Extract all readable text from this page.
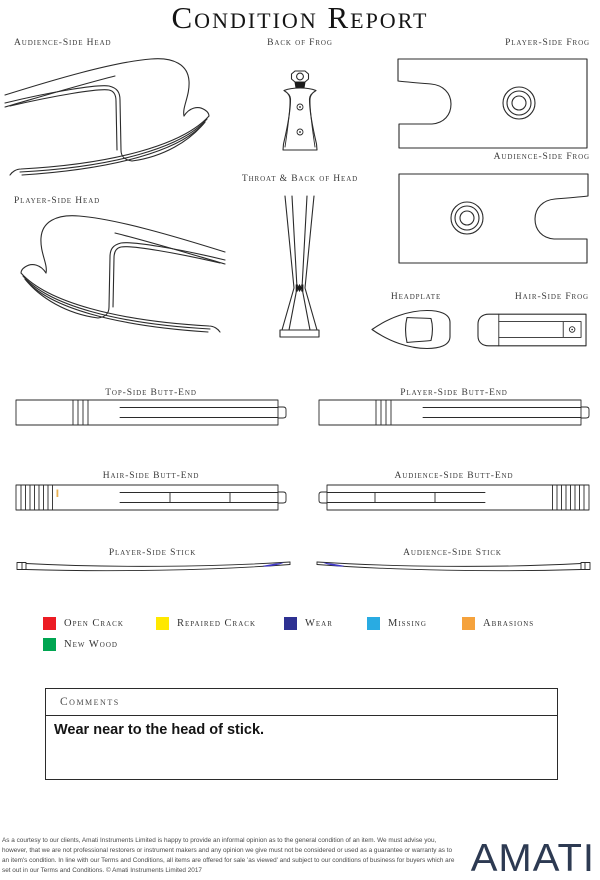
Condition Report
Audience-Side Head	Back of Frog	Player-Side Frog
Audience-Side Frog
Player-Side Head
Throat & Back of Head
Headplate	Hair-Side Frog
Top-Side Butt-End	Player-Side Butt-End
Hair-Side Butt-End	Audience-Side Butt-End
Player-Side Stick	Audience-Side Stick
Open Crack	Repaired Crack	Wear	Missing	Abrasions
New Wood
Comments
Wear near to the head of stick.
As a courtesy to our clients, Amati Instruments Limited is happy to provide an informal opinion as to the general condition of an item. We must advise you, however, that we are not professional restorers or instrument makers and any opinion we give must not be considered or used as a guarantee or warranty as to an item's condition. In line with our Terms and Conditions, all items are offered for sale 'as viewed' and subject to our conditions of business for buyers which are set out in our Terms and Conditions. © Amati Instruments Limited 2017	AMATI
